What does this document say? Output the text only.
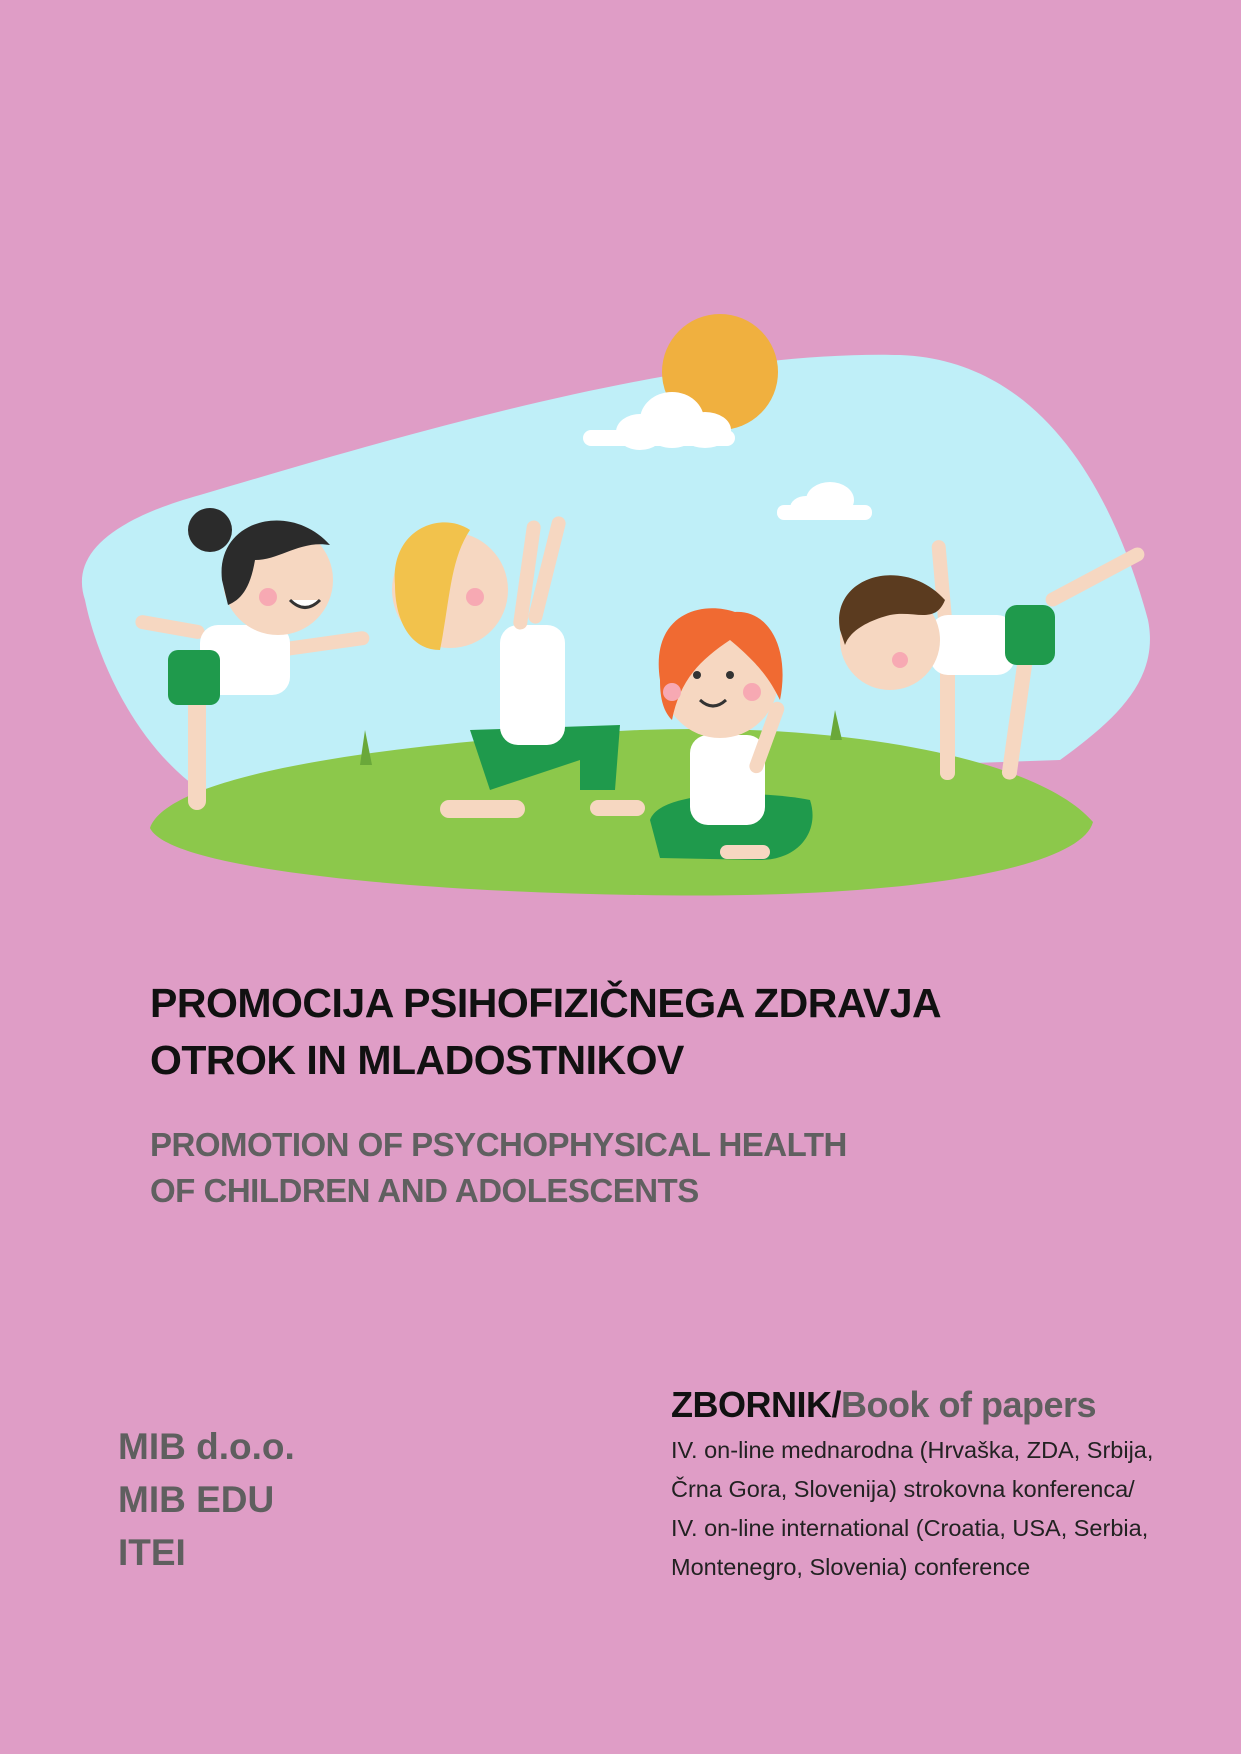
PROMOCIJA PSIHOFIZIČNEGA ZDRAVJA
OTROK IN MLADOSTNIKOV
PROMOTION OF PSYCHOPHYSICAL HEALTH
OF CHILDREN AND ADOLESCENTS
MIB d.o.o.
MIB EDU
ITEI
ZBORNIK/Book of papers
IV. on-line mednarodna (Hrvaška, ZDA, Srbija,
Črna Gora, Slovenija) strokovna konferenca/
IV. on-line international (Croatia, USA, Serbia,
Montenegro, Slovenia) conference
